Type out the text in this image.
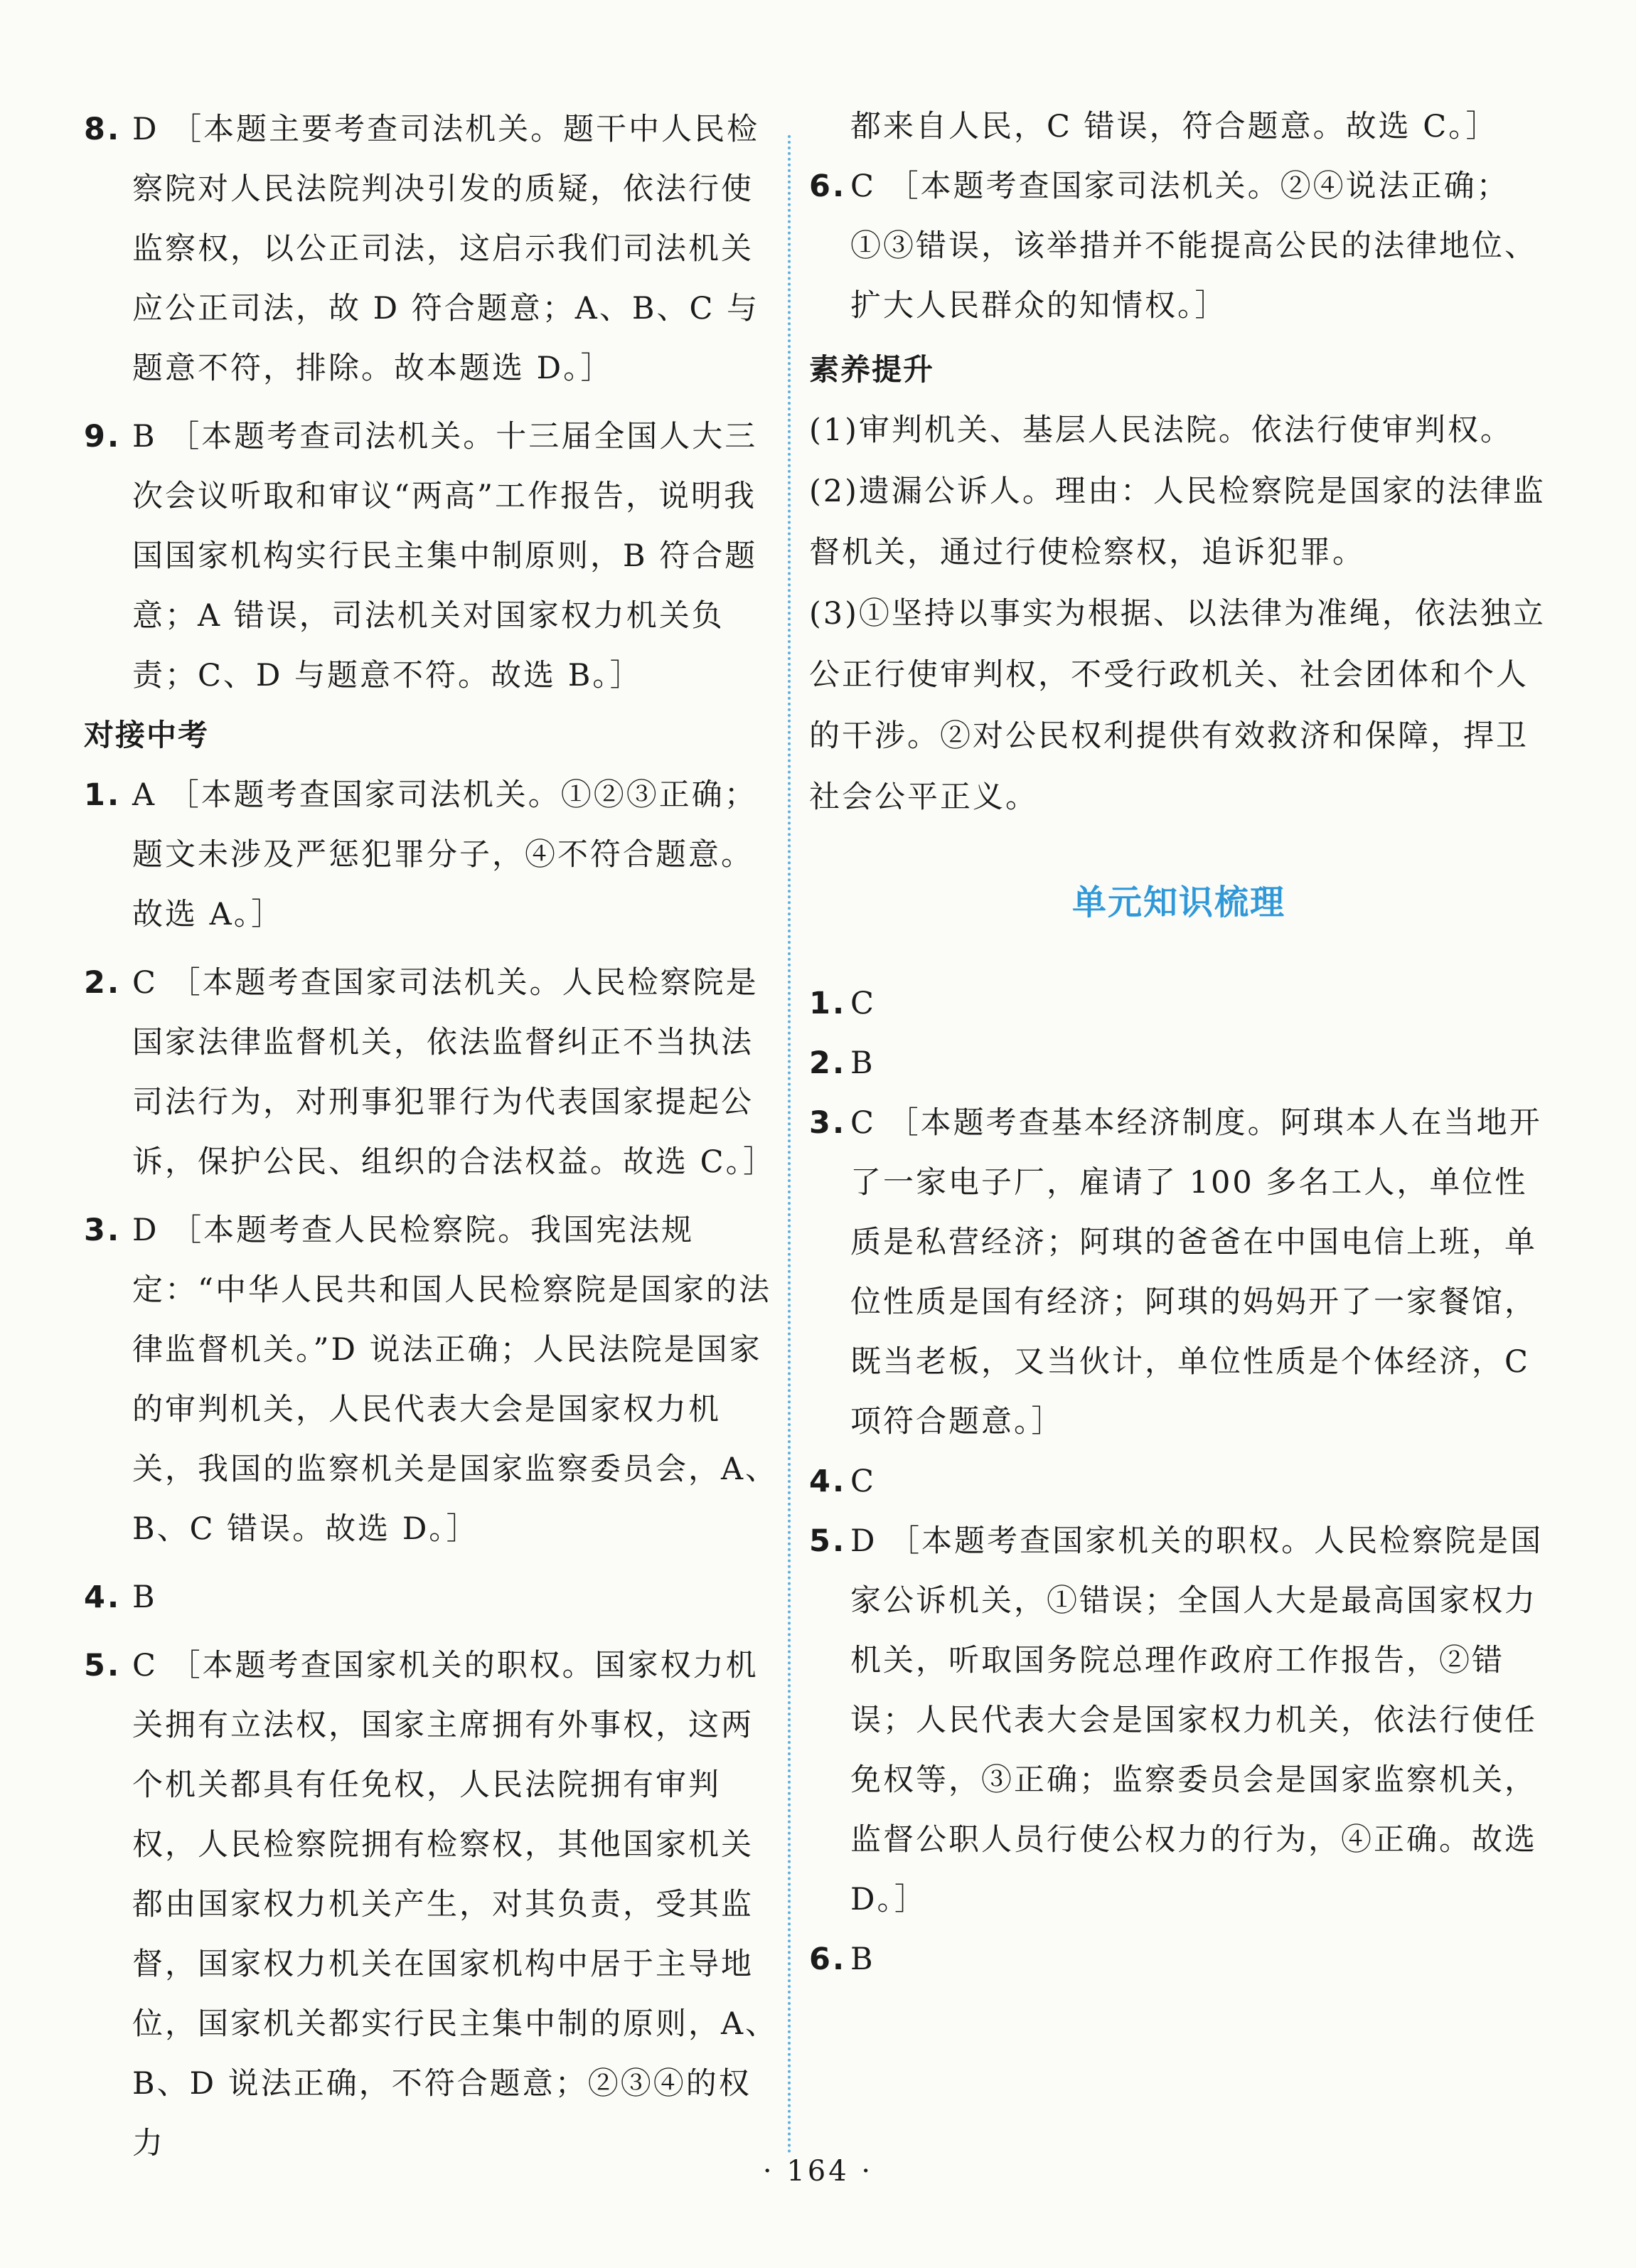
8. D ［本题主要考查司法机关。题干中人民检察院对人民法院判决引发的质疑，依法行使监察权，以公正司法，这启示我们司法机关应公正司法，故 D 符合题意；A、B、C 与题意不符，排除。故本题选 D。］
9. B ［本题考查司法机关。十三届全国人大三次会议听取和审议“两高”工作报告，说明我国国家机构实行民主集中制原则，B 符合题意；A 错误，司法机关对国家权力机关负责；C、D 与题意不符。故选 B。］
对接中考
1. A ［本题考查国家司法机关。①②③正确；题文未涉及严惩犯罪分子，④不符合题意。故选 A。］
2. C ［本题考查国家司法机关。人民检察院是国家法律监督机关，依法监督纠正不当执法司法行为，对刑事犯罪行为代表国家提起公诉，保护公民、组织的合法权益。故选 C。］
3. D ［本题考查人民检察院。我国宪法规定：“中华人民共和国人民检察院是国家的法律监督机关。”D 说法正确；人民法院是国家的审判机关，人民代表大会是国家权力机关，我国的监察机关是国家监察委员会，A、B、C 错误。故选 D。］
4. B
5. C ［本题考查国家机关的职权。国家权力机关拥有立法权，国家主席拥有外事权，这两个机关都具有任免权，人民法院拥有审判权，人民检察院拥有检察权，其他国家机关都由国家权力机关产生，对其负责，受其监督，国家权力机关在国家机构中居于主导地位，国家机关都实行民主集中制的原则，A、B、D 说法正确，不符合题意；②③④的权力
都来自人民，C 错误，符合题意。故选 C。］
6. C ［本题考查国家司法机关。②④说法正确；①③错误，该举措并不能提高公民的法律地位、扩大人民群众的知情权。］
素养提升
(1)审判机关、基层人民法院。依法行使审判权。
(2)遗漏公诉人。理由：人民检察院是国家的法律监督机关，通过行使检察权，追诉犯罪。
(3)①坚持以事实为根据、以法律为准绳，依法独立公正行使审判权，不受行政机关、社会团体和个人的干涉。②对公民权利提供有效救济和保障，捍卫社会公平正义。
单元知识梳理
1. C
2. B
3. C ［本题考查基本经济制度。阿琪本人在当地开了一家电子厂，雇请了 100 多名工人，单位性质是私营经济；阿琪的爸爸在中国电信上班，单位性质是国有经济；阿琪的妈妈开了一家餐馆，既当老板，又当伙计，单位性质是个体经济，C 项符合题意。］
4. C
5. D ［本题考查国家机关的职权。人民检察院是国家公诉机关，①错误；全国人大是最高国家权力机关，听取国务院总理作政府工作报告，②错误；人民代表大会是国家权力机关，依法行使任免权等，③正确；监察委员会是国家监察机关，监督公职人员行使公权力的行为，④正确。故选 D。］
6. B
· 164 ·
